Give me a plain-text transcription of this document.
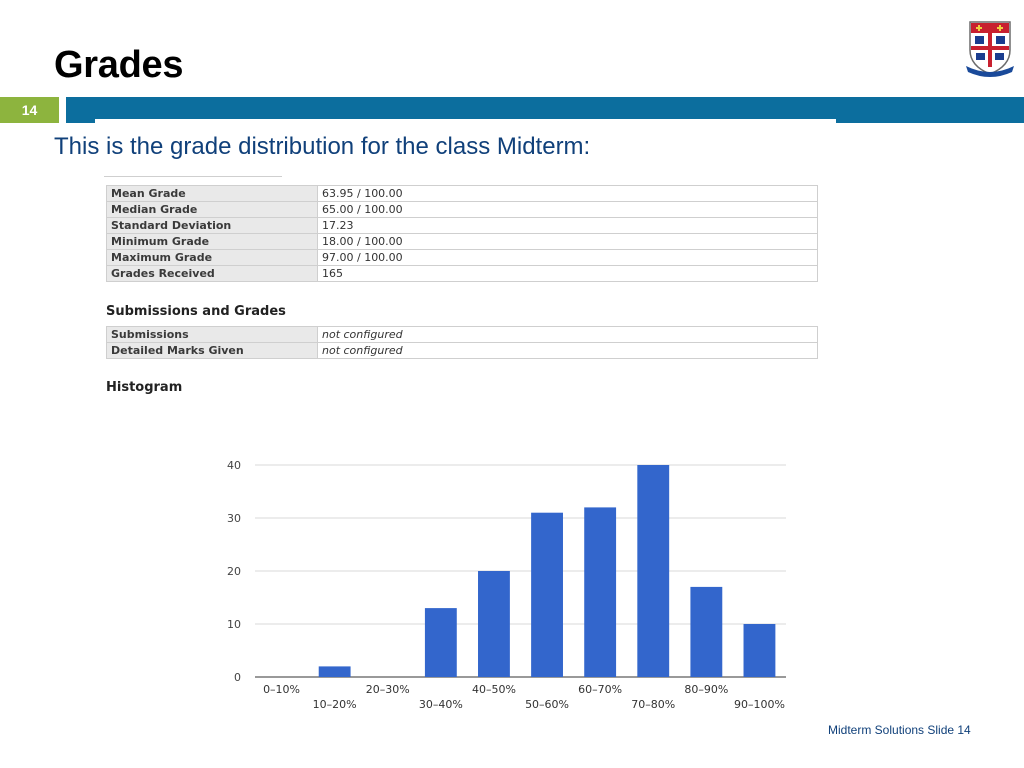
Grades
14
This is the grade distribution for the class Midterm:
Mean Grade	63.95 / 100.00
Median Grade	65.00 / 100.00
Standard Deviation	17.23
Minimum Grade	18.00 / 100.00
Maximum Grade	97.00 / 100.00
Grades Received	165
Submissions and Grades
Submissions	not configured
Detailed Marks Given	not configured
Histogram
0
10
20
30
40
0–10%
10–20%
20–30%
30–40%
40–50%
50–60%
60–70%
70–80%
80–90%
90–100%
Midterm Solutions Slide 14
